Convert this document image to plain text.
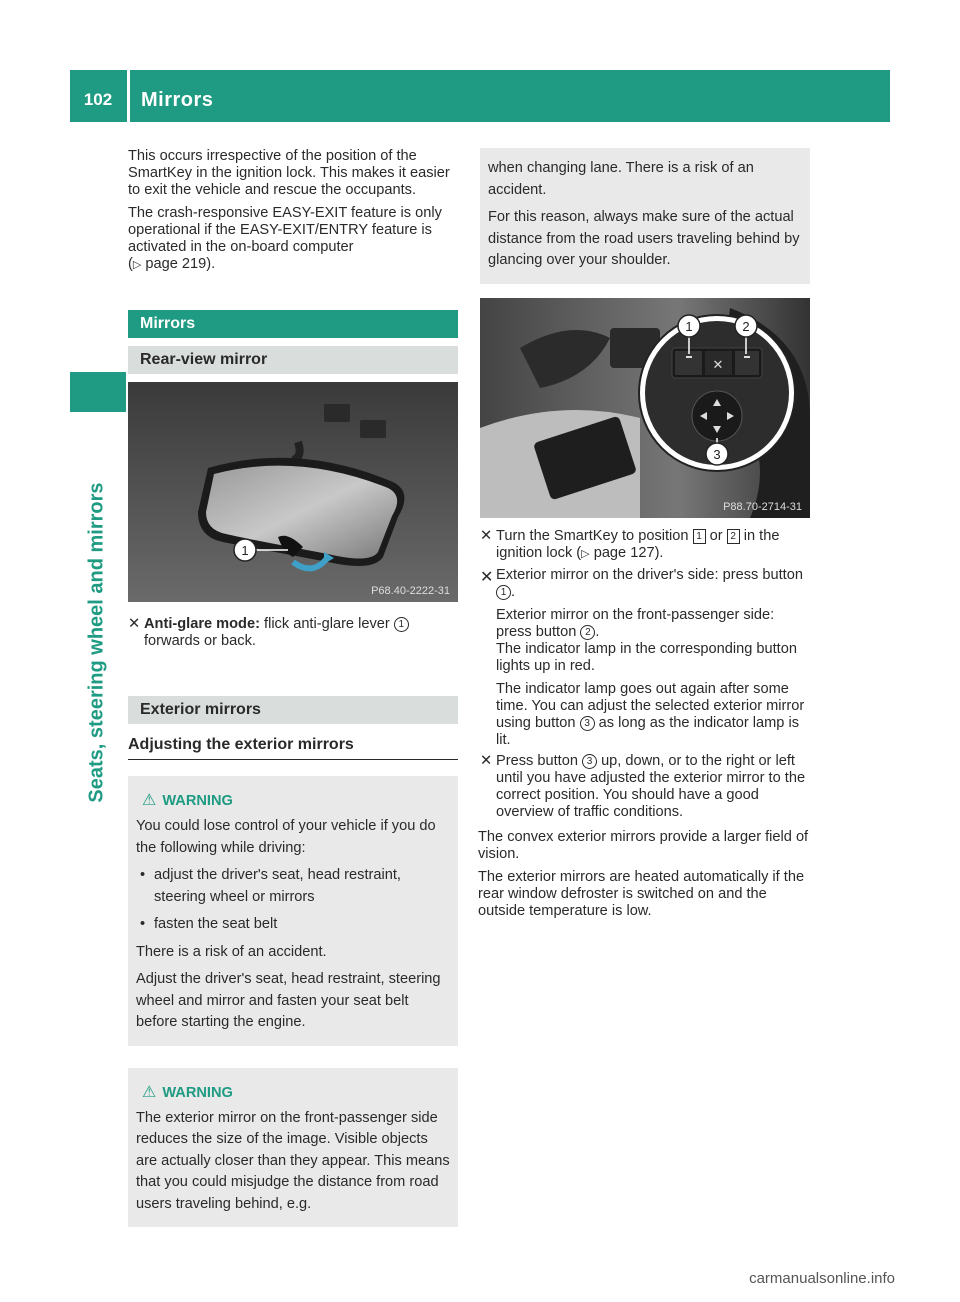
102	Mirrors
Seats, steering wheel and mirrors

This occurs irrespective of the position of the SmartKey in the ignition lock. This makes it easier to exit the vehicle and rescue the occupants.

The crash-responsive EASY-EXIT feature is only operational if the EASY-EXIT/ENTRY feature is activated in the on-board computer
(▷ page 219).

Mirrors
Rear-view mirror
1
P68.40-2222-31

✕ Anti-glare mode: flick anti-glare lever 1 forwards or back.

Exterior mirrors
Adjusting the exterior mirrors
⚠ WARNING

You could lose control of your vehicle if you do the following while driving:

• adjust the driver's seat, head restraint, steering wheel or mirrors

• fasten the seat belt

There is a risk of an accident.

Adjust the driver's seat, head restraint, steering wheel and mirror and fasten your seat belt before starting the engine.

⚠ WARNING

The exterior mirror on the front-passenger side reduces the size of the image. Visible objects are actually closer than they appear. This means that you could misjudge the distance from road users traveling behind, e.g.

when changing lane. There is a risk of an accident.

For this reason, always make sure of the actual distance from the road users traveling behind by glancing over your shoulder.

✕
1	2
3
P88.70-2714-31

✕ Turn the SmartKey to position 1 or 2 in the ignition lock (▷ page 127).

✕ Exterior mirror on the driver's side: press button 1 .

Exterior mirror on the front-passenger side: press button 2 .
The indicator lamp in the corresponding button lights up in red.

The indicator lamp goes out again after some time. You can adjust the selected exterior mirror using button 3 as long as the indicator lamp is lit.

✕ Press button 3 up, down, or to the right or left until you have adjusted the exterior mirror to the correct position. You should have a good overview of traffic conditions.

The convex exterior mirrors provide a larger field of vision.

The exterior mirrors are heated automatically if the rear window defroster is switched on and the outside temperature is low.

carmanualsonline.info
